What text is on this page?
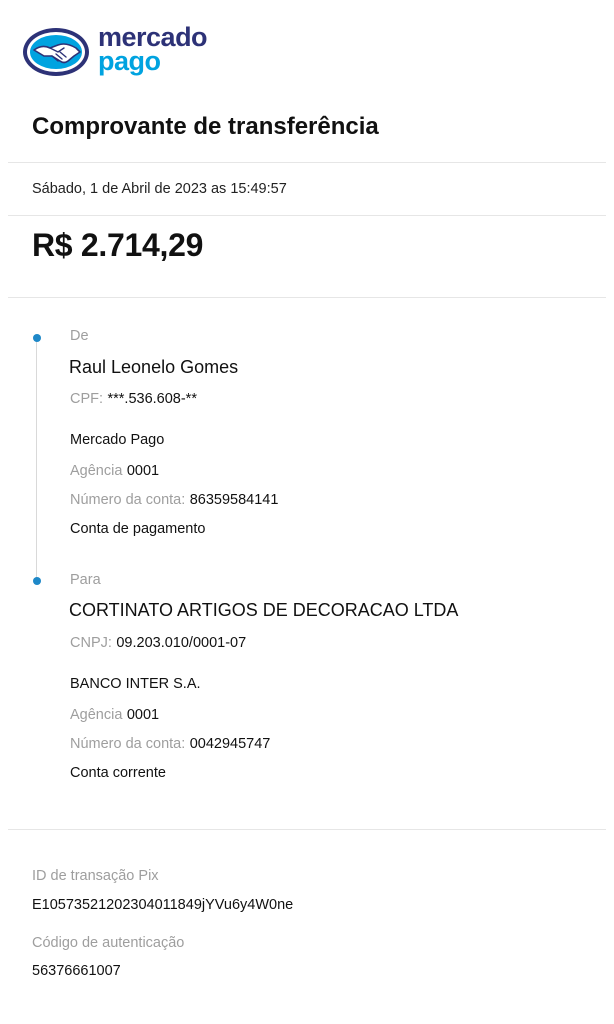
mercado
pago
Comprovante de transferência
Sábado, 1 de Abril de 2023 as 15:49:57
R$ 2.714,29
De
Raul Leonelo Gomes
CPF: ***.536.608-**
Mercado Pago
Agência 0001
Número da conta: 86359584141
Conta de pagamento
Para
CORTINATO ARTIGOS DE DECORACAO LTDA
CNPJ: 09.203.010/0001-07
BANCO INTER S.A.
Agência 0001
Número da conta: 0042945747
Conta corrente
ID de transação Pix
E10573521202304011849jYVu6y4W0ne
Código de autenticação
56376661007
